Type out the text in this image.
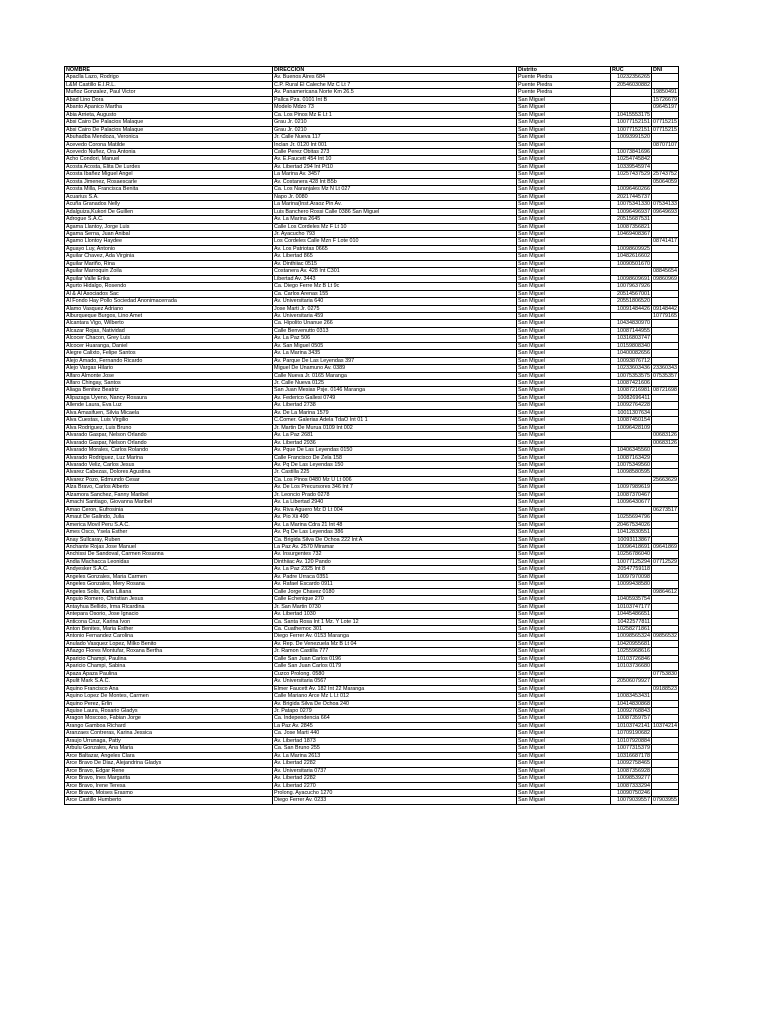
NOMBRE	DIRECCION	Distrito	RUC	DNI
Apaclla Lazo, Rodrigo	Av. Buenos Aires 684	Puente Piedra	10232356265	
L&M Castillo E.I.R.L.	C.P. Rural El Caleche Mz C Lt 7	Puente Piedra	20546030882	
Muñoz Gonzalez, Paul Victor	Av. Panamericana Norte Km 26.5	Puente Piedra		19850491
Abad Lino Dora	Pallca Pza. 0101 Int B	San Miguel		15726679
Abanto Apanico Martha	Modelo Mdzo 73	San Miguel		09645197
Abia Arrieta, Augusto	Ca. Los Pinos Mz E Lt 1	San Miguel	10415553175	
Absi Cairo De Palacios Malaque	Grau Jr. 0210	San Miguel	10077152151	07715215
Absi Cairo De Palacios Malaque	Grau Jr. 0210	San Miguel	10077152151	07715215
Abuhadba Mendoza, Veronica	Jr. Calle Nueva 117	San Miguel	10093991520	
Acevedo Corona Matilde	Inclan Jr. 0120 Int 001	San Miguel		08707107
Acevedo Nuñez, Ora Antonia	Calle Perez Obitas 273	San Miguel	10073841696	
Acho Condori, Manuel	Av. E.Faucett 454 Int 10	San Miguel	10254745842	
Acosta Acosta, Elita De Lurdes	Av. Libertad 294 Int Pt10	San Miguel	10339545974	
Acosta Ibañez Miguel Angel	La Marina Av. 3457	San Miguel	10257437529	25743752
Acosta Jimenez, Rosaescarle	Av. Costanera 428 Int B5b	San Miguel		05064059
Acosta Milla, Francisca Benita	Ca. Los Naranjales Mz N Lt 027	San Miguel	10096460266	
Acuarius S.A.	Napo Jr. 0080	San Miguel	20217445737	
Acuña Granados Nelly	La Marina(Inst.Araoz Pin Av.	San Miguel	10075341330	07534133
Adalguiza,Kukori De Guillen	Luis Banchero Rossi Calle 0386 San Miguel	San Miguel	10096496937	09649693
Adrogue S.A.C.	Av. La Marina 2645	San Miguel	20515687531	
Agama Llantoy, Jorge Luis	Calle Los Cordeles Mz F Lt 10	San Miguel	10087356821	
Agama Serna, Juan Anibal	Jr. Ayacucho 793	San Miguel	10469408367	
Agamo Llontoy Haydee	Los Cordeles Calle Mzn F Lote 010	San Miguel		08741417
Aguayo Luy, Antonio	Av. Los Patriotas 0665	San Miguel	10098609925	
Aguilar Chavez, Ada Virginia	Av. Libertad 865	San Miguel	10482616602	
Aguilar Mariño, Rina	Av. Dinthiiac 0515	San Miguel	10090501670	
Aguilar Marroquin Zoila	Costanera Av. 428 Int C301	San Miguel		08845654
Aguilar Valle Erika	Libertad Av. 3443	San Miguel	10098609691	09860969
Agurto Hidalgo, Rosendo	Ca. Diego Ferre Mz B Lt 9c	San Miguel	10079637926	
Al & Al Asociados Sac	Ca. Carlos Arenas 155	San Miguel	20514567001	
Al Fondo Hay Pollo Sociedad Anonimacerrada	Av. Universitaria 640	San Miguel	20551806520	
Alamo Vasquez Adriano	Jose Marti Jr. 0275	San Miguel	10091484426	09148442
Alburqueque Burgos, Lino Amet	Av. Universitaria 459	San Miguel		10779165
Alcantara Vigo, Wilberto	Ca. Hipolito Unanue 266	San Miguel	10434830970	
Alcazar Rojas, Natividad	Calle Benvenutto 0313	San Miguel	10087144955	
Alcocer Chacon, Grey Luis	Av. La Paz 506	San Miguel	10316803747	
Alcocer Huaranga, Daniel	Av. San Miguel 0505	San Miguel	10159808340	
Alegre Calixto, Felipe Santos	Av. La Marina 3435	San Miguel	10400082656	
Alejo Amado, Fernando Ricardo	Av. Parque De Las Leyendas 397	San Miguel	10093876712	
Alejo Vargas Hilario	Miguel De Unamuno Av. 0389	San Miguel	10233603436	23360343
Alfaro Almonte Jose	Calle Nueva Jr. 0165 Maranga	San Miguel	10075353575	07535357
Alfaro Chingay, Santos	Jr. Calle Nueva 0125	San Miguel	10087421606	
Aliaga Benitez Beatriz	San Juan Mesias Psje. 0146 Maranga	San Miguel	10087216981	08721698
Alipazaga Uyeno, Nancy Rosaura	Av. Federico Gallesi 0749	San Miguel	10082696411	
Allende Laura, Eva Luz	Av. Libertad 2738	San Miguel	10092764228	
Alva Amasifuen, Silvia Micaela	Av. De La Marina 1579	San Miguel	10011307634	
Alva Cuestas, Luis Virgilio	C.Comer. Galerias Adela TdaO Int 01 1	San Miguel	10087450154	
Alva Rodriguez, Luis Bruno	Jr. Martin De Murua 0109 Int 002	San Miguel	10096428109	
Alvarado Gaspar, Nelson Orlando	Av. La Paz 2681	San Miguel		00683126
Alvarado Gaspar, Nelson Orlando	Av. Libertad 2936	San Miguel		00683126
Alvarado Morales, Carlos Rolando	Av. Pque De Las Leyendas 0150	San Miguel	10406345560	
Alvarado Rodriguez, Luz Marina	Calle Francisco De Zela 158	San Miguel	10087163429	
Alvarado Veliz, Carlos Jesus	Av. Pq De Las Leyendas 150	San Miguel	10075349560	
Alvarez Cabezas, Dolores Agustina	Jr. Castilla 225	San Miguel	10098580595	
Alvarez Pozo, Edmundo Cesar	Ca. Los Pinos 0480 Mz U Lt 006	San Miguel		25663629
Alza Bravo, Carlos Alberto	Av. De Los Precursores 346 Int 7	San Miguel	10097989619	
Alzamora Sanchez, Fanny Maribel	Jr. Leoncio Prado 0278	San Miguel	10087370467	
Amachi Santiago, Giovanna Maribel	Av. La Libertad 2940	San Miguel	10096430677	
Amao Ceron, Eufrosinia	Av. Riva Aguero Mz D Lt 004	San Miguel		06273517
Amaut De Galindo, Julia	Av. Pio Xii 490	San Miguel	10255694796	
America Movil Peru S.A.C.	Av. La Marina Cdra 21 Int 48	San Miguel	20467534026	
Ames Osco, Ysela Esther	Av. Pq De Las Leyendas 386	San Miguel	10412830551	
Anay Sullcaray, Ruben	Ca. Brigida Silva De Ochoa 222 Int A	San Miguel	10093113867	
Anchante Rojas Jose Manuel	La Paz Av. 2570 Miramar	San Miguel	10096418691	09641869
Anchissi De Sandoval, Carmen Rosanna	Av. Insurgentes 732	San Miguel	10256786040	
Andia Machacca Leonidas	Dinthiiac Av. 120 Pando	San Miguel	10077125294	07712529
Andyesker S.A.C.	Av. La Paz 2325 Int 8	San Miguel	20547759118	
Angeles Gonzales, Maria Carmen	Av. Padre Urraca 0351	San Miguel	10097970098	
Angeles Gonzales, Mery Rosana	Av. Rafael Escardo 0911	San Miguel	10099438580	
Angeles Solis, Karla Liliana	Calle Jorge Chavez 0180	San Miguel		09864612
Anguio Romero, Christian Jesus	Calle Echenique 270	San Miguel	10405935754	
Antayhua Bellido, Irma Ricardina	Jr. San Martin 0730	San Miguel	10103747177	
Antepara Osorio, Jose Ignacio	Av. Libertad 1030	San Miguel	10445486651	
Anticona Cruz, Karina Ivon	Ca. Santa Rosa Int 1 Mz. Y Lote 12	San Miguel	10422577811	
Anton Benites, Maria Esther	Ca. Cuathemoc 301	San Miguel	10258271861	
Antonio Fernandez Carolina	Diego Ferrer Av. 0153 Maranga	San Miguel	10098565324	09856532
Anulado Vasquez Lopez, Milko Benito	Av. Rep. De Venezuela Mz B Lt 04	San Miguel	10420955681	
Añazgo Flores Montufar, Roxana Bertha	Jr. Ramon Castilla 777	San Miguel	10255968616	
Aparicio Champi, Paulina	Calle San Juan Carlos 0196	San Miguel	10103726846	
Aparicio Champi, Sabina	Calle San Juan Carlos 0179	San Miguel	10103736680	
Apaza Apaza Paulina	Cuzco Prolong. 0580	San Miguel		07753830
Apulit Mark S.A.C.	Av. Universitaria 0567	San Miguel	20506079927	
Aquino Francisco Ana	Elmer Faucett Av. 182 Int 22 Maranga	San Miguel		09188523
Aquino Lopez De Montes, Carmen	Calle Mariano Arce Mz L Lt 012	San Miguel	10083453431	
Aquino Perez, Erlin	Av. Brigida Silva De Ochoa 240	San Miguel	10414830868	
Aquise Laura, Rosario Gladys	Jr. Patapo 0279	San Miguel	10092768843	
Aragon Moscoso, Fabian Jorge	Ca. Independencia 664	San Miguel	10087359757	
Arango Gamboa Richard	La Paz Av. 2845	San Miguel	10103742141	10374214
Aranzaes Contreras, Karina Jessica	Ca. Jose Marti 440	San Miguel	10709190682	
Araujo Urrunaga, Patty	Av. Libertad 1873	San Miguel	10107920884	
Arbulu Gonzales, Ana Maria	Ca. San Bruno 255	San Miguel	10077315379	
Arce Baltazar, Angeles Clara	Av. La Marina 2613	San Miguel	10316687178	
Arce Bravo De Diaz, Alejandrina Gladys	Av. Libertad 2282	San Miguel	10092758465	
Arce Bravo, Edgar Rene	Av. Universitaria 0737	San Miguel	10087356928	
Arce Bravo, Ines Margarita	Av. Libertad 2282	San Miguel	10098539277	
Arce Bravo, Irene Teresa	Av. Libertad 2270	San Miguel	10087333294	
Arce Bravo, Moises Erasmo	Prolong. Ayacucho 1270	San Miguel	10090750246	
Arce Castillo Humberto	Diego Ferrer Av. 0233	San Miguel	10079039557	07903955
